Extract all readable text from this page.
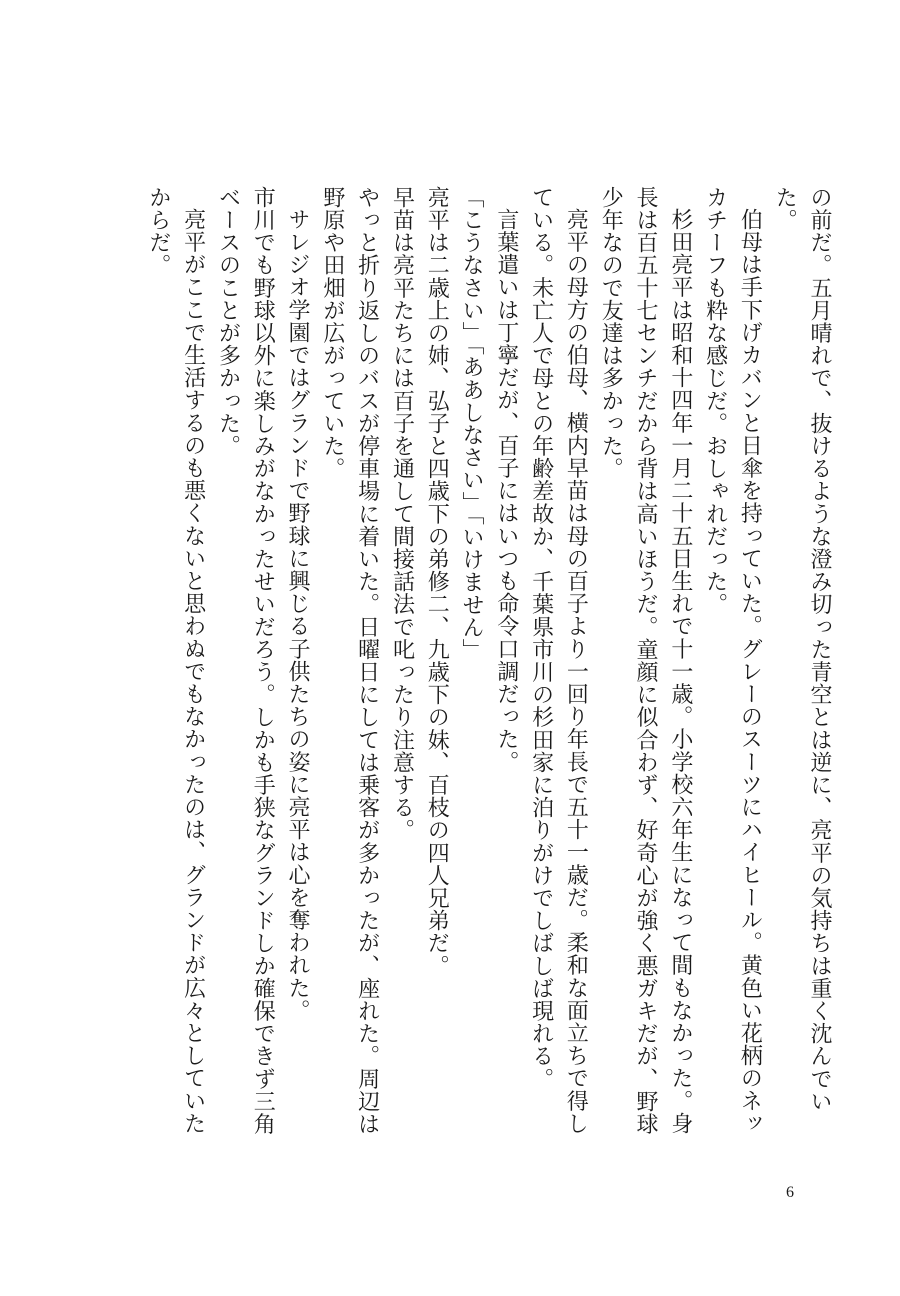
の前だ。五月晴れで、抜けるような澄み切った青空とは逆に、亮平の気持ちは重く沈んでいた。

伯母は手下げカバンと日傘を持っていた。グレーのスーツにハイヒール。黄色い花柄のネッカチーフも粋な感じだ。おしゃれだった。

杉田亮平は昭和十四年一月二十五日生れで十一歳。小学校六年生になって間もなかった。身長は百五十七センチだから背は高いほうだ。童顔に似合わず、好奇心が強く悪ガキだが、野球少年なので友達は多かった。

亮平の母方の伯母、横内早苗は母の百子より一回り年長で五十一歳だ。柔和な面立ちで得している。未亡人で母との年齢差故か、千葉県市川の杉田家に泊りがけでしばしば現れる。

言葉遣いは丁寧だが、百子にはいつも命令口調だった。

「こうなさい」「ああしなさい」「いけません」

亮平は二歳上の姉、弘子と四歳下の弟修二、九歳下の妹、百枝の四人兄弟だ。

早苗は亮平たちには百子を通して間接話法で叱ったり注意する。

やっと折り返しのバスが停車場に着いた。日曜日にしては乗客が多かったが、座れた。周辺は野原や田畑が広がっていた。

サレジオ学園ではグランドで野球に興じる子供たちの姿に亮平は心を奪われた。

市川でも野球以外に楽しみがなかったせいだろう。しかも手狭なグランドしか確保できず三角ベースのことが多かった。

亮平がここで生活するのも悪くないと思わぬでもなかったのは、グランドが広々としていたからだ。

6
